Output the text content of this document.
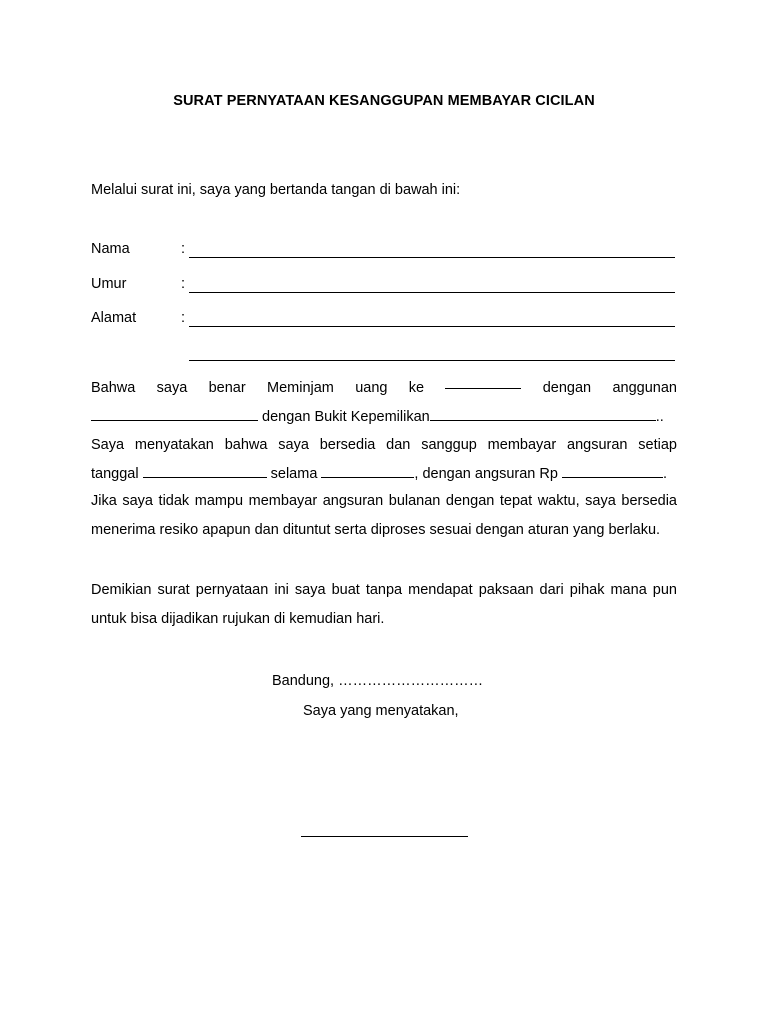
SURAT PERNYATAAN KESANGGUPAN MEMBAYAR CICILAN
Melalui surat ini, saya yang bertanda tangan di bawah ini:
Nama	:
Umur	:
Alamat	:
Bahwa saya benar Meminjam uang ke	dengan anggunan
dengan Bukit Kepemilikan	..
Saya menyatakan bahwa saya bersedia dan sanggup membayar angsuran setiap
tanggal	selama	, dengan angsuran Rp	.
Jika saya tidak mampu membayar angsuran bulanan dengan tepat waktu, saya bersedia menerima resiko apapun dan dituntut serta diproses sesuai dengan aturan yang berlaku.
Demikian surat pernyataan ini saya buat tanpa mendapat paksaan dari pihak mana pun untuk bisa dijadikan rujukan di kemudian hari.
Bandung, …………………………
Saya yang menyatakan,
